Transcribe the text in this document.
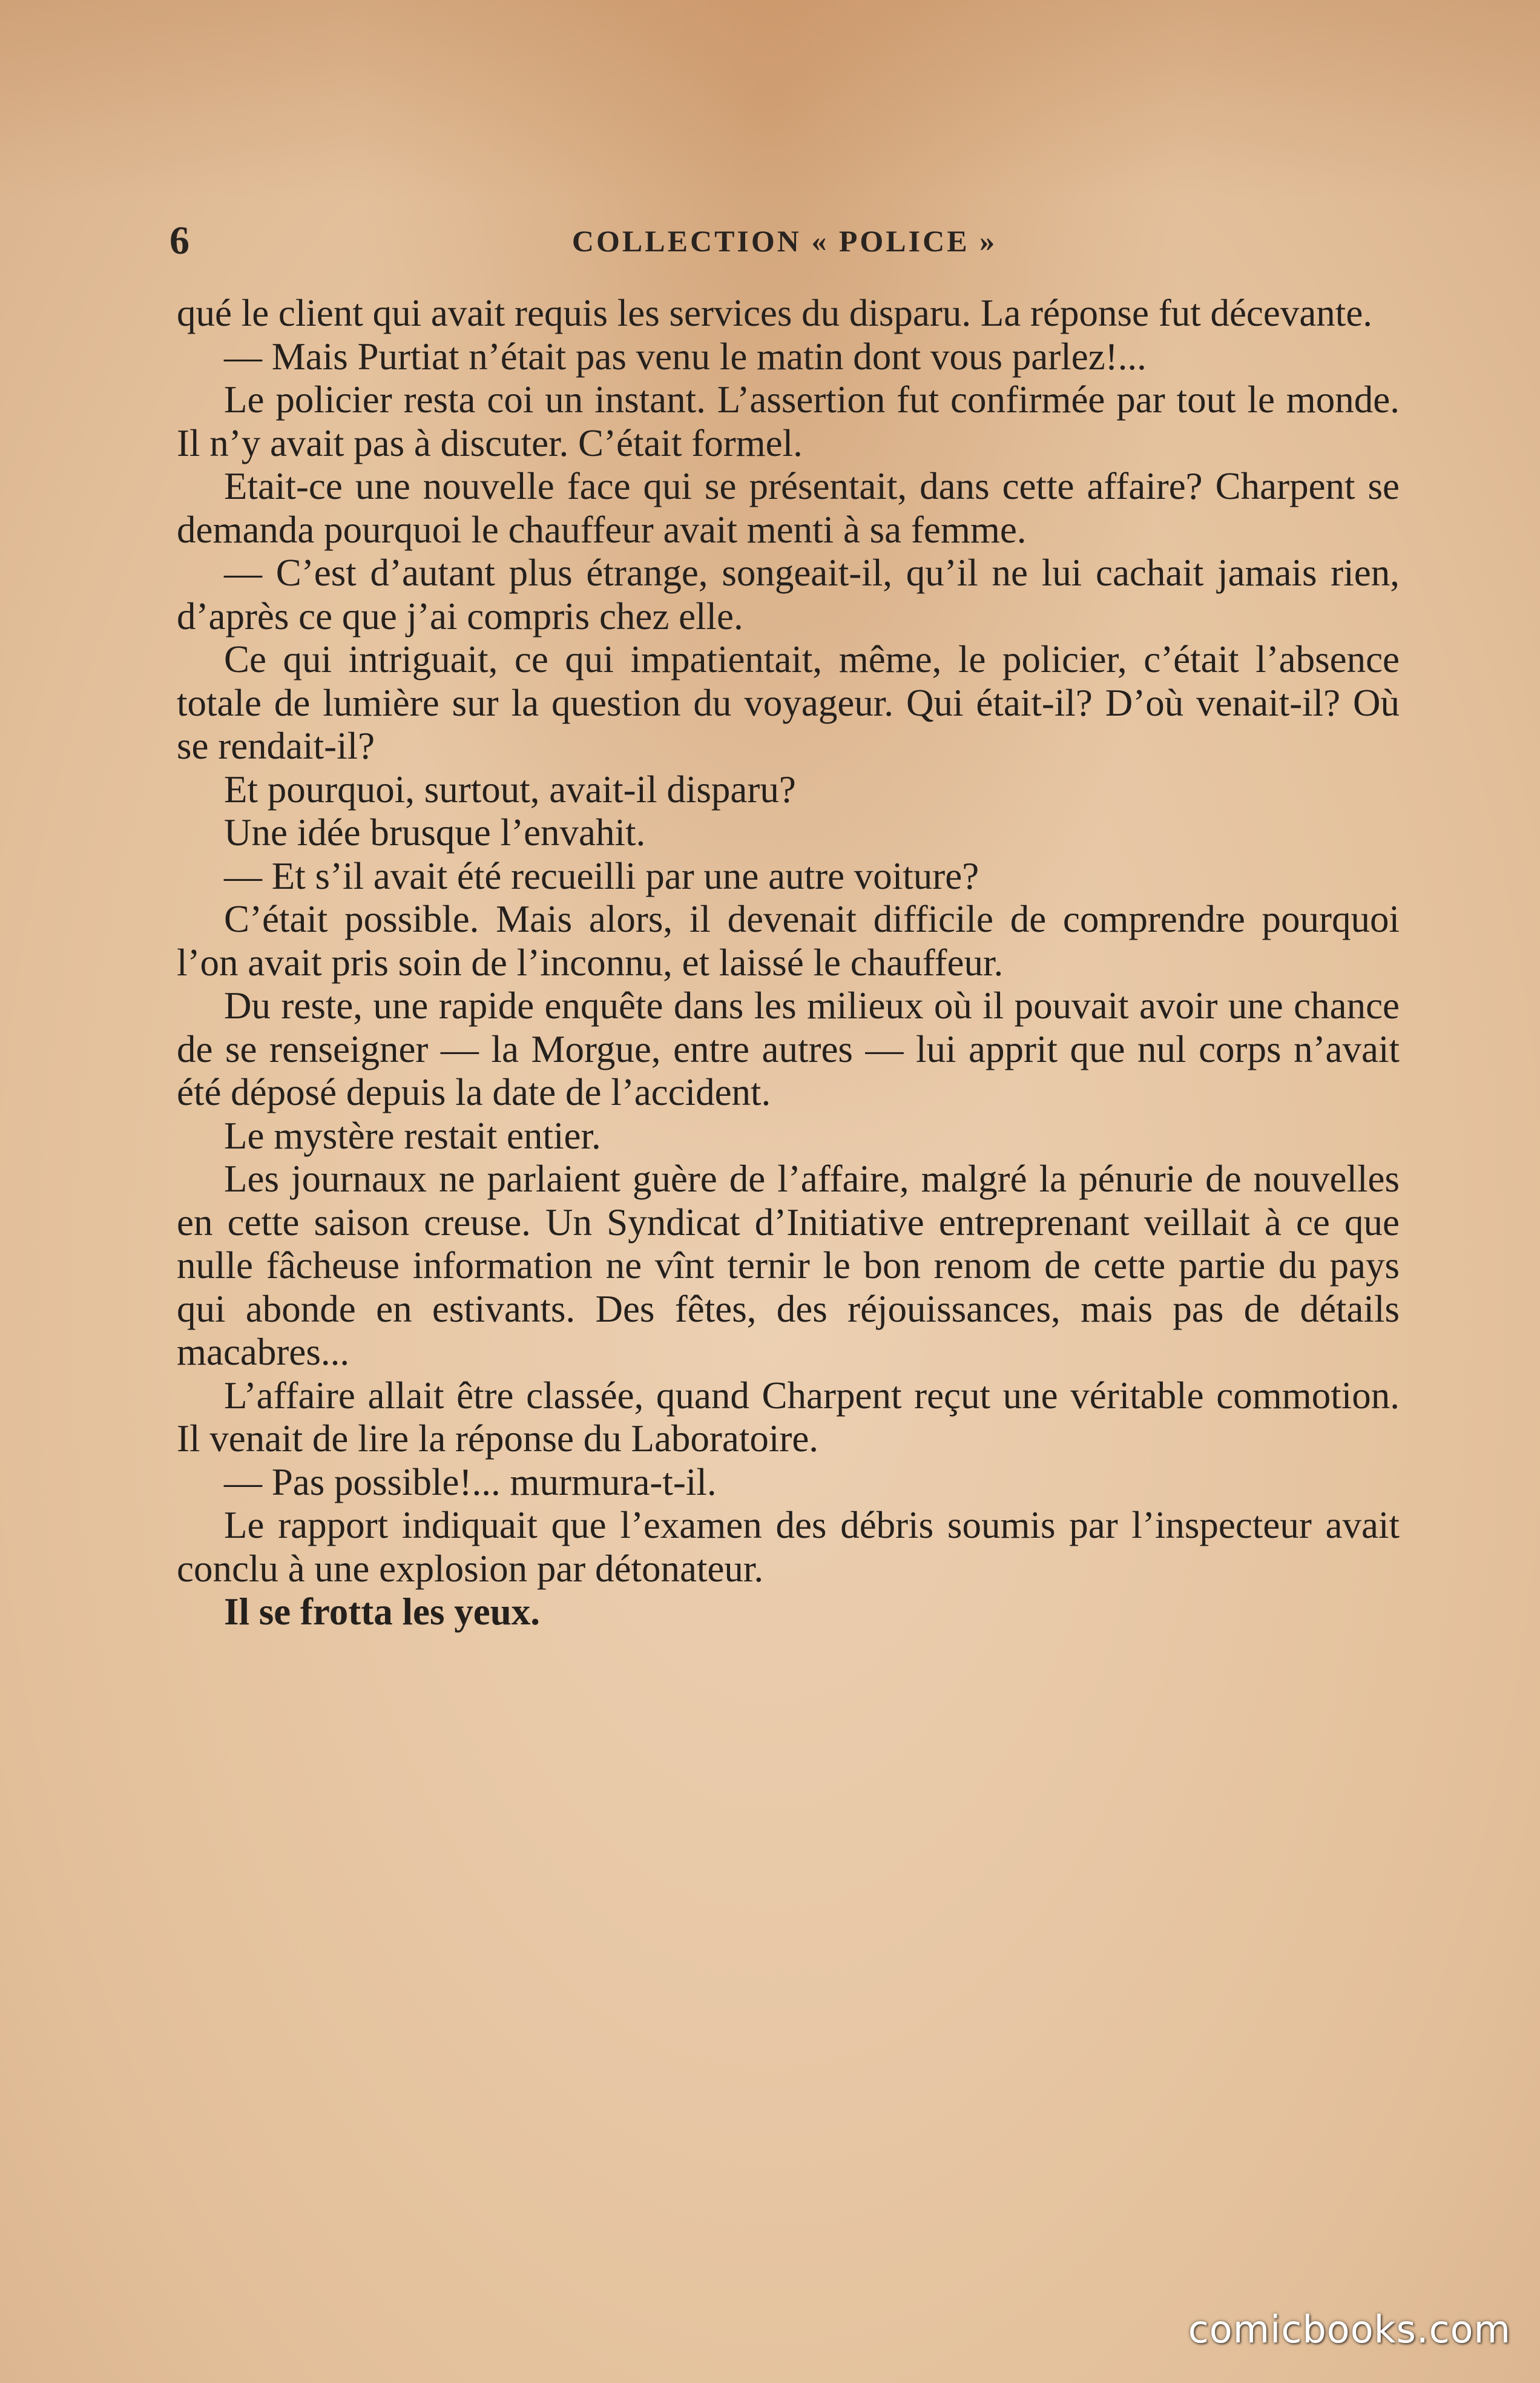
6	COLLECTION « POLICE »

qué le client qui avait requis les services du disparu. La réponse fut décevante.

— Mais Purtiat n’était pas venu le matin dont vous parlez!...

Le policier resta coi un instant. L’assertion fut confirmée par tout le monde. Il n’y avait pas à discuter. C’était formel.

Etait-ce une nouvelle face qui se présentait, dans cette affaire? Charpent se demanda pourquoi le chauffeur avait menti à sa femme.

— C’est d’autant plus étrange, songeait-il, qu’il ne lui cachait jamais rien, d’après ce que j’ai compris chez elle.

Ce qui intriguait, ce qui impatientait, même, le policier, c’était l’absence totale de lumière sur la question du voyageur. Qui était-il? D’où venait-il? Où se rendait-il?

Et pourquoi, surtout, avait-il disparu?

Une idée brusque l’envahit.

— Et s’il avait été recueilli par une autre voiture?

C’était possible. Mais alors, il devenait difficile de comprendre pourquoi l’on avait pris soin de l’inconnu, et laissé le chauffeur.

Du reste, une rapide enquête dans les milieux où il pouvait avoir une chance de se renseigner — la Morgue, entre autres — lui apprit que nul corps n’avait été déposé depuis la date de l’accident.

Le mystère restait entier.

Les journaux ne parlaient guère de l’affaire, malgré la pénurie de nouvelles en cette saison creuse. Un Syndicat d’Initiative entreprenant veillait à ce que nulle fâcheuse information ne vînt ternir le bon renom de cette partie du pays qui abonde en estivants. Des fêtes, des réjouissances, mais pas de détails macabres...

L’affaire allait être classée, quand Charpent reçut une véritable commotion. Il venait de lire la réponse du Laboratoire.

— Pas possible!... murmura-t-il.

Le rapport indiquait que l’examen des débris soumis par l’inspecteur avait conclu à une explosion par détonateur.

Il se frotta les yeux.

comicbooks.com
